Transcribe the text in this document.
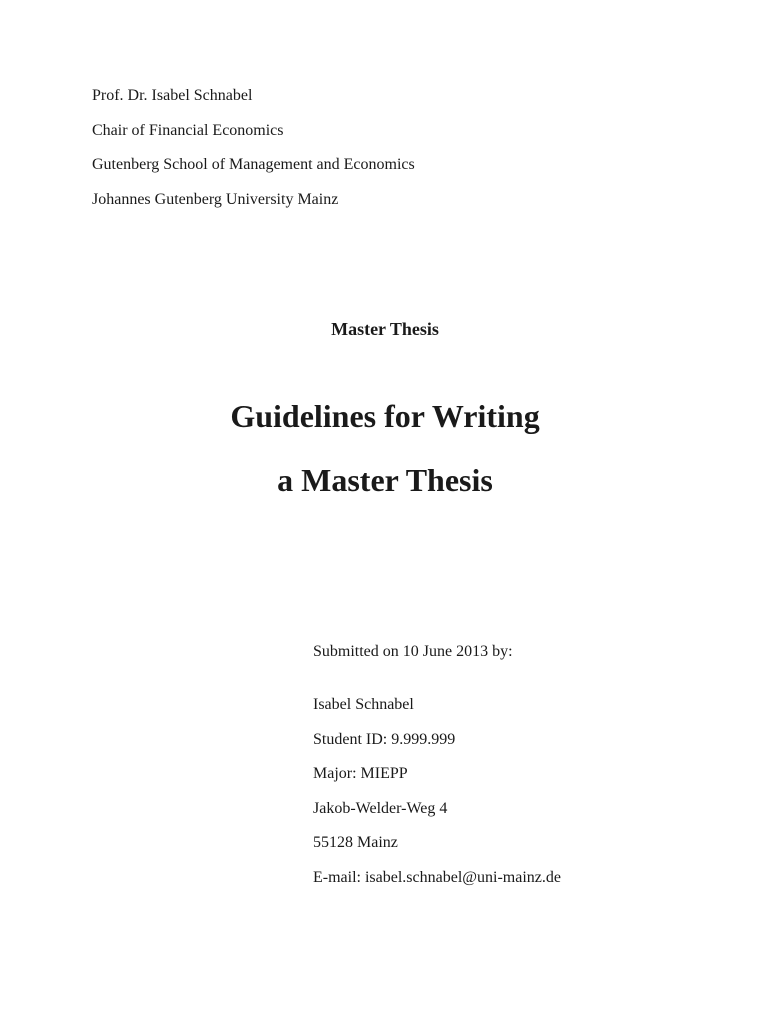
Prof. Dr. Isabel Schnabel
Chair of Financial Economics
Gutenberg School of Management and Economics
Johannes Gutenberg University Mainz
Master Thesis
Guidelines for Writing
a Master Thesis
Submitted on 10 June 2013 by:
Isabel Schnabel
Student ID: 9.999.999
Major: MIEPP
Jakob-Welder-Weg 4
55128 Mainz
E-mail: isabel.schnabel@uni-mainz.de
